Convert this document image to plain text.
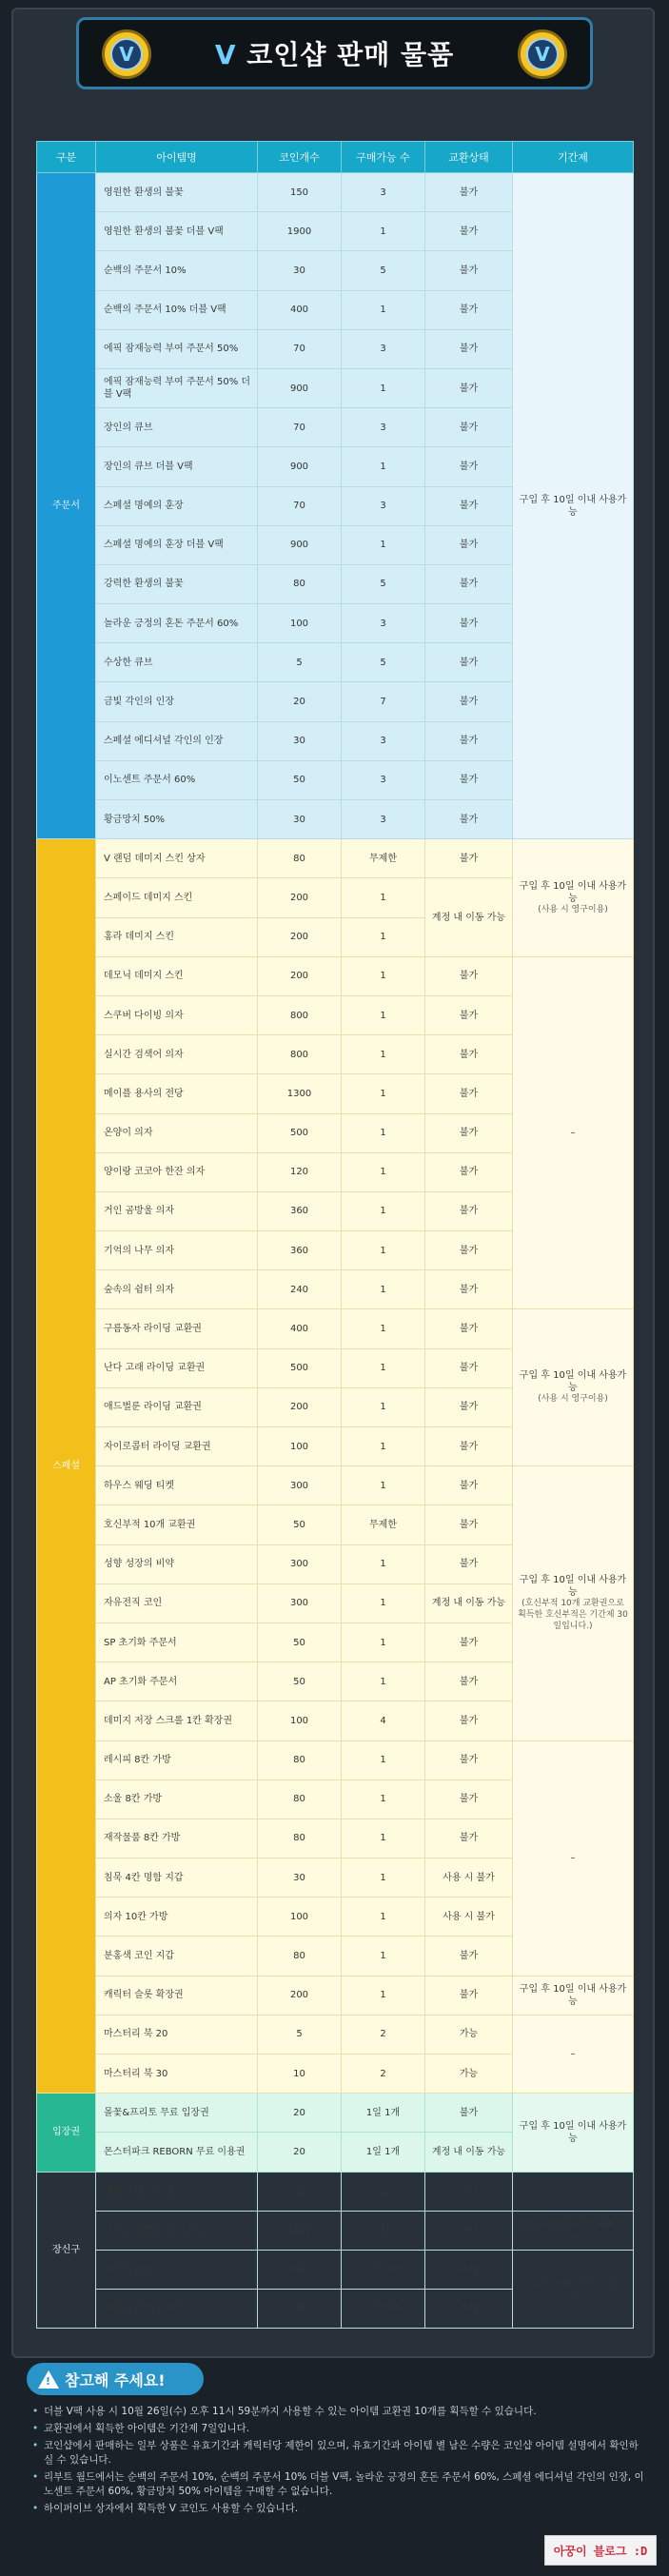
V	V 코인샵 판매 물품	V
구분	아이템명	코인개수	구매가능 수	교환상태	기간제
주문서	영원한 환생의 불꽃	150	3	불가	구입 후 10일 이내 사용가능

	영원한 환생의 불꽃 더블 V팩	1900	1	불가	
	순백의 주문서 10%	30	5	불가	
	순백의 주문서 10% 더블 V팩	400	1	불가	
	에픽 잠재능력 부여 주문서 50%	70	3	불가	
	에픽 잠재능력 부여 주문서 50% 더블 V팩	900	1	불가	
	장인의 큐브	70	3	불가	
	장인의 큐브 더블 V팩	900	1	불가	
	스페셜 명예의 훈장	70	3	불가	
	스페셜 명예의 훈장 더블 V팩	900	1	불가	
	강력한 환생의 불꽃	80	5	불가	
	놀라운 긍정의 혼돈 주문서 60%	100	3	불가	
	수상한 큐브	5	5	불가	
	금빛 각인의 인장	20	7	불가	
	스페셜 에디셔널 각인의 인장	30	3	불가	
	이노센트 주문서 60%	50	3	불가	
	황금망치 50%	30	3	불가	
스페셜	V 랜덤 데미지 스킨 상자	80	무제한	불가	구입 후 10일 이내 사용가능
(사용 시 영구이용)

	스페이드 데미지 스킨	200	1	계정 내 이동 가능	
	홍라 데미지 스킨	200	1		
	데모닉 데미지 스킨	200	1	불가	–

	스쿠버 다이빙 의자	800	1	불가	
	실시간 검색어 의자	800	1	불가	
	메이플 용사의 전당	1300	1	불가	
	온양이 의자	500	1	불가	
	양이랑 코코아 한잔 의자	120	1	불가	
	거인 곰방울 의자	360	1	불가	
	기억의 나무 의자	360	1	불가	
	숲속의 쉼터 의자	240	1	불가	
	구름동자 라이딩 교환권	400	1	불가	구입 후 10일 이내 사용가능
(사용 시 영구이용)

	난다 고래 라이딩 교환권	500	1	불가	
	애드벌룬 라이딩 교환권	200	1	불가	
	자이로콥터 라이딩 교환권	100	1	불가	
	하우스 웨딩 티켓	300	1	불가	구입 후 10일 이내 사용가능
(호신부적 10개 교환권으로 획득한 호신부적은 기간제 30일입니다.)

	호신부적 10개 교환권	50	무제한	불가	
	성향 성장의 비약	300	1	불가	
	자유전직 코인	300	1	계정 내 이동 가능	
	SP 초기화 주문서	50	1	불가	
	AP 초기화 주문서	50	1	불가	
	데미지 저장 스크롤 1칸 확장권	100	4	불가	
	레시피 8칸 가방	80	1	불가	–

	소울 8칸 가방	80	1	불가	
	재작물품 8칸 가방	80	1	불가	
	침묵 4칸 명함 지갑	30	1	사용 시 불가	
	의자 10칸 가방	100	1	사용 시 불가	
	분홍색 코인 지갑	80	1	불가	
	캐릭터 슬롯 확장권	200	1	불가	구입 후 10일 이내 사용가능

	마스터리 북 20	5	2	가능	–

	마스터리 북 30	10	2	가능	
입장권	몰꽃&프리토 무료 입장권	20	1일 1개	불가	구입 후 10일 이내 사용가능

	몬스터파크 REBORN 무료 이용권	20	1일 1개	계정 내 이동 가능	
장신구	벤전스 링 교환권	10	1	불가	–

	리부트 벤전스 링 교환권	1200	1	불가	리부트월드에서만 구매 가능

	벤전스 스톤	60	1일 3개	불가	구입 후 10일 이내 사용가능

	벤전스 링 전용 큐브	30	1일 5개	불가	
! 참고해 주세요!
• 더블 V팩 사용 시 10월 26일(수) 오후 11시 59분까지 사용할 수 있는 아이템 교환권 10개를 획득할 수 있습니다.
• 교환권에서 획득한 아이템은 기간제 7일입니다.
• 코인샵에서 판매하는 일부 상품은 유효기간과 캐릭터당 제한이 있으며, 유효기간과 아이템 별 남은 수량은 코인샵 아이템 설명에서 확인하실 수 있습니다.
• 리부트 월드에서는 순백의 주문서 10%, 순백의 주문서 10% 더블 V팩, 놀라운 긍정의 혼돈 주문서 60%, 스페셜 에디셔널 각인의 인장, 이노센트 주문서 60%, 황금망치 50% 아이템을 구매할 수 없습니다.
• 하이퍼이브 상자에서 획득한 V 코인도 사용할 수 있습니다.
아꿍이 블로그 :D
